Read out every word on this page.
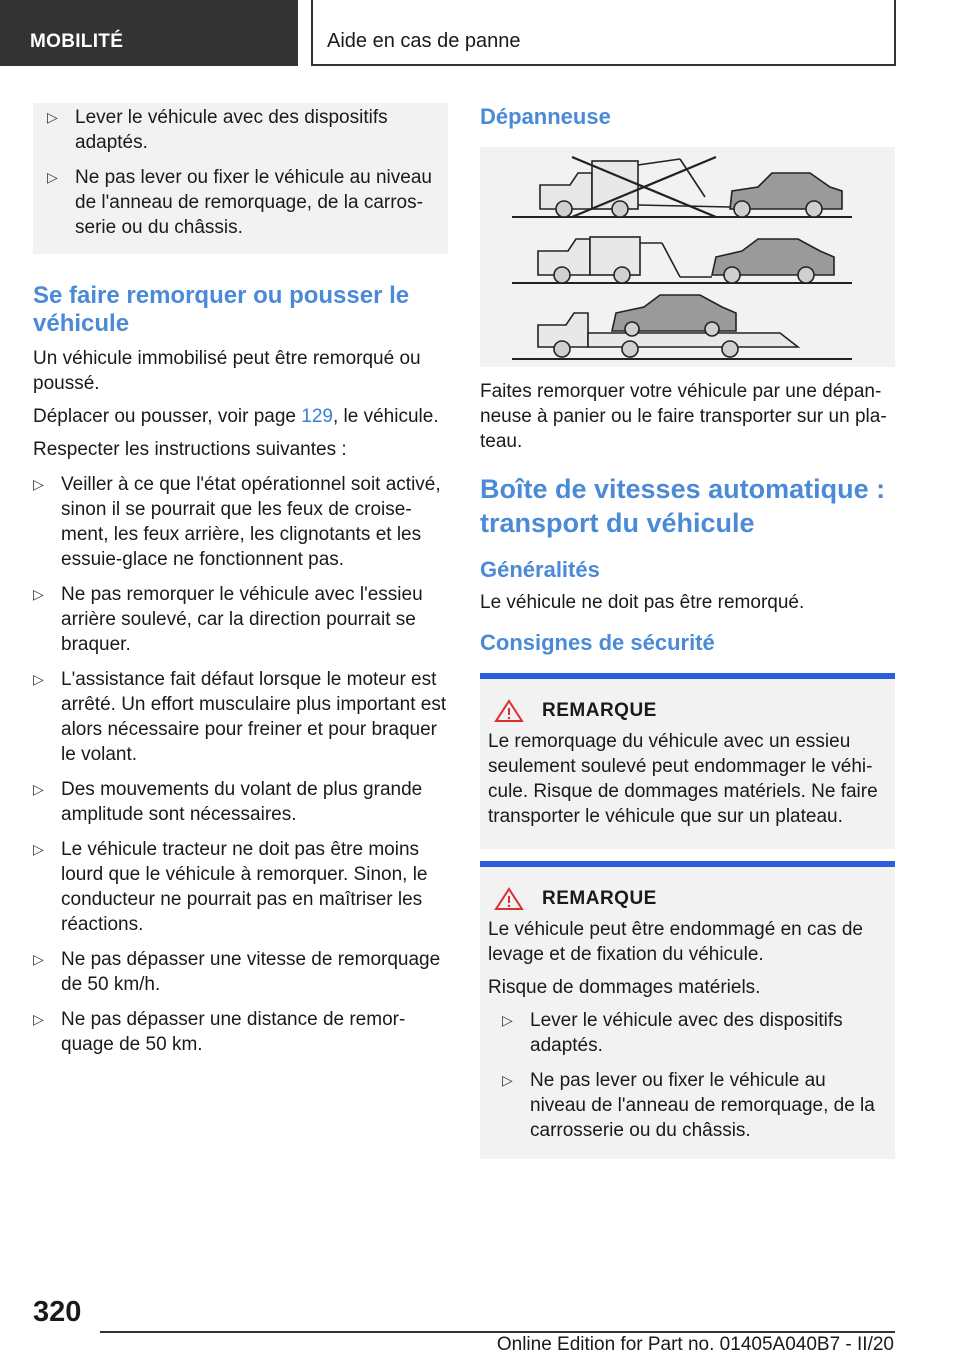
MOBILITÉ	Aide en cas de panne
▷ Lever le véhicule avec des dispositifs adaptés.
▷ Ne pas lever ou fixer le véhicule au niveau de l'anneau de remorquage, de la carrosserie ou du châssis.
Se faire remorquer ou pousser le véhicule

Un véhicule immobilisé peut être remorqué ou poussé.

Déplacer ou pousser, voir page 129, le véhicule.

Respecter les instructions suivantes :

▷ Veiller à ce que l'état opérationnel soit activé, sinon il se pourrait que les feux de croisement, les feux arrière, les clignotants et les essuie-glace ne fonctionnent pas.
▷ Ne pas remorquer le véhicule avec l'essieu arrière soulevé, car la direction pourrait se braquer.
▷ L'assistance fait défaut lorsque le moteur est arrêté. Un effort musculaire plus important est alors nécessaire pour freiner et pour braquer le volant.
▷ Des mouvements du volant de plus grande amplitude sont nécessaires.
▷ Le véhicule tracteur ne doit pas être moins lourd que le véhicule à remorquer. Sinon, le conducteur ne pourrait pas en maîtriser les réactions.
▷ Ne pas dépasser une vitesse de remorquage de 50 km/h.
▷ Ne pas dépasser une distance de remorquage de 50 km.
Dépanneuse

Faites remorquer votre véhicule par une dépanneuse à panier ou le faire transporter sur un plateau.

Boîte de vitesses automatique : transport du véhicule
Généralités

Le véhicule ne doit pas être remorqué.

Consignes de sécurité
REMARQUE

Le remorquage du véhicule avec un essieu seulement soulevé peut endommager le véhicule. Risque de dommages matériels. Ne faire transporter le véhicule que sur un plateau.

REMARQUE

Le véhicule peut être endommagé en cas de levage et de fixation du véhicule.

Risque de dommages matériels.

▷ Lever le véhicule avec des dispositifs adaptés.
▷ Ne pas lever ou fixer le véhicule au niveau de l'anneau de remorquage, de la carrosserie ou du châssis.
320
Online Edition for Part no. 01405A040B7 - II/20
